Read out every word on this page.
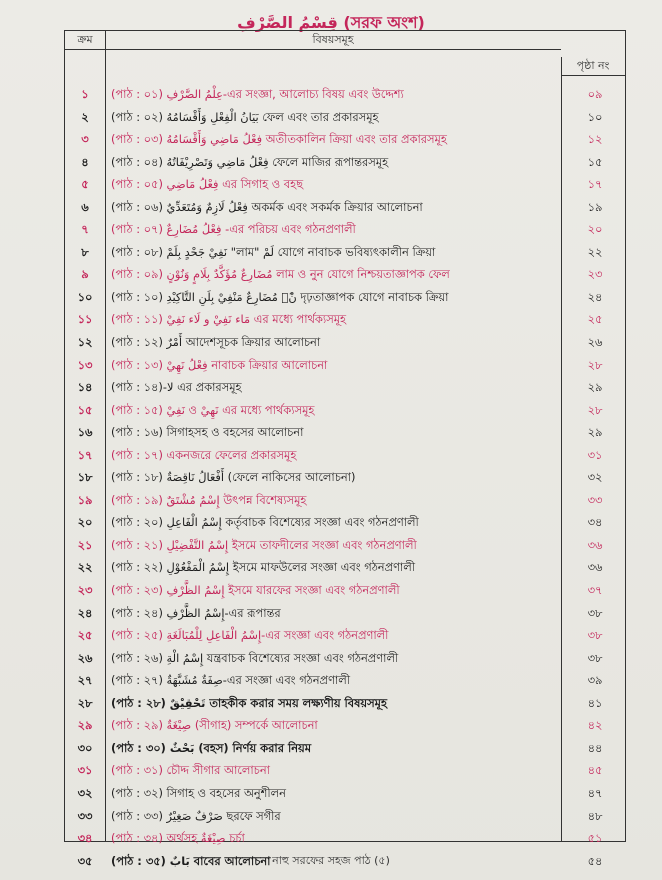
قِسْمُ الصَّرْفِ (সরফ অংশ)
ক্রম	বিষয়সমূহ
পৃষ্ঠা নং
১	(পাঠ : ০১) عِلْمُ الصَّرْفِ-এর সংজ্ঞা, আলোচ্য বিষয় এবং উদ্দেশ্য	০৯
২	(পাঠ : ০২) بَيَانُ الْفِعْلِ وَأَقْسَامُهُ ফেল এবং তার প্রকারসমূহ	১০
৩	(পাঠ : ০৩) فِعْلُ مَاضِي وَأَقْسَامُهُ অতীতকালিন ক্রিয়া এবং তার প্রকারসমূহ	১২
৪	(পাঠ : ০৪) فِعْلُ مَاضِي وَتَصْرِيْفَاتُهُ ফেলে মাজির রূপান্তরসমূহ	১৫
৫	(পাঠ : ০৫) فِعْلُ مَاضِي এর সিগাহ ও বহছ	১৭
৬	(পাঠ : ০৬) فِعْلُ لَازِمٌ وَمُتَعَدِّيٌ অকর্মক এবং সকর্মক ক্রিয়ার আলোচনা	১৯
৭	(পাঠ : ০৭) فِعْلُ مُضَارِعٌ -এর পরিচয় এবং গঠনপ্রণালী	২০
৮	(পাঠ : ০৮) نَفِيْ جَحْدٍ بِلَمْ "লাম" لَمْ যোগে নাবাচক ভবিষ্যৎকালীন ক্রিয়া	২২
৯	(পাঠ : ০৯) مُضَارِعٌ مُؤَكَّدٌ بِلَامٍ وَنُوْنٍ লাম ও নুন যোগে নিশ্চয়তাজ্ঞাপক ফেল	২৩
১০	(পাঠ : ১০) مُضَارِعٌ مَنْفِيْ بِلَنِ التَّاكِيْدِ লَنْ দৃঢ়তাজ্ঞাপক যোগে নাবাচক ক্রিয়া	২৪
১১	(পাঠ : ১১) مَاء نَفِيْ و لَاء نَفِيْ এর মধ্যে পার্থক্যসমূহ	২৫
১২	(পাঠ : ১২) أَمْرٌ আদেশসূচক ক্রিয়ার আলোচনা	২৬
১৩	(পাঠ : ১৩) فِعْلُ نَهِيْ নাবাচক ক্রিয়ার আলোচনা	২৮
১৪	(পাঠ : ১৪)-لا এর প্রকারসমূহ	২৯
১৫	(পাঠ : ১৫) نَفِيْ ও نَهِيْ এর মধ্যে পার্থক্যসমূহ	২৮
১৬	(পাঠ : ১৬) সিগাহসহ ও বহসের আলোচনা	২৯
১৭	(পাঠ : ১৭) একনজরে ফেলের প্রকারসমূহ	৩১
১৮	(পাঠ : ১৮) أَفْعَالُ نَاقِصَةٌ (ফেলে নাকিসের আলোচনা)	৩২
১৯	(পাঠ : ১৯) إِسْمُ مُشْتَقٌ উৎপন্ন বিশেষ্যসমূহ	৩৩
২০	(পাঠ : ২০) إِسْمُ الْفَاعِلِ কর্তৃবাচক বিশেষ্যের সংজ্ঞা এবং গঠনপ্রণালী	৩৪
২১	(পাঠ : ২১) إِسْمُ التَّفْضِيْلِ ইসমে তাফদীলের সংজ্ঞা এবং গঠনপ্রণালী	৩৬
২২	(পাঠ : ২২) إِسْمُ الْمَفْعُوْلِ ইসমে মাফউলের সংজ্ঞা এবং গঠনপ্রণালী	৩৬
২৩	(পাঠ : ২৩) إِسْمُ الظَّرْفِ ইসমে যারফের সংজ্ঞা এবং গঠনপ্রণালী	৩৭
২৪	(পাঠ : ২৪) إِسْمُ الظَّرْفِ-এর রূপান্তর	৩৮
২৫	(পাঠ : ২৫) إِسْمُ الْفَاعِلِ لِلْمُبَالَغَةِ-এর সংজ্ঞা এবং গঠনপ্রণালী	৩৮
২৬	(পাঠ : ২৬) إِسْمُ الْةِ যন্ত্রবাচক বিশেষ্যের সংজ্ঞা এবং গঠনপ্রণালী	৩৮
২৭	(পাঠ : ২৭) صِفَةٌ مُشَبَّهَةٌ-এর সংজ্ঞা এবং গঠনপ্রণালী	৩৯
২৮	(পাঠ : ২৮) تَحْقِيْقٌ তাহকীক করার সময় লক্ষ্যণীয় বিষয়সমূহ	৪১
২৯	(পাঠ : ২৯) صِيْغَةٌ (সীগাহ) সম্পর্কে আলোচনা	৪২
৩০	(পাঠ : ৩০) بَحْثٌ (বহস) নির্ণয় করার নিয়ম	৪৪
৩১	(পাঠ : ৩১) চৌদ্দ সীগার আলোচনা	৪৫
৩২	(পাঠ : ৩২) সিগাহ ও বহসের অনুশীলন	৪৭
৩৩	(পাঠ : ৩৩) صَرْفٌ صَغِيْرٌ ছরফে সগীর	৪৮
৩৪	(পাঠ : ৩৪) অর্থসহ صِيْغَةٌ চর্চা	৫১
৩৫	(পাঠ : ৩৫) بَابٌ বাবের আলোচনা	৫৪
নাহু সরফের সহজ পাঠ (৫)
